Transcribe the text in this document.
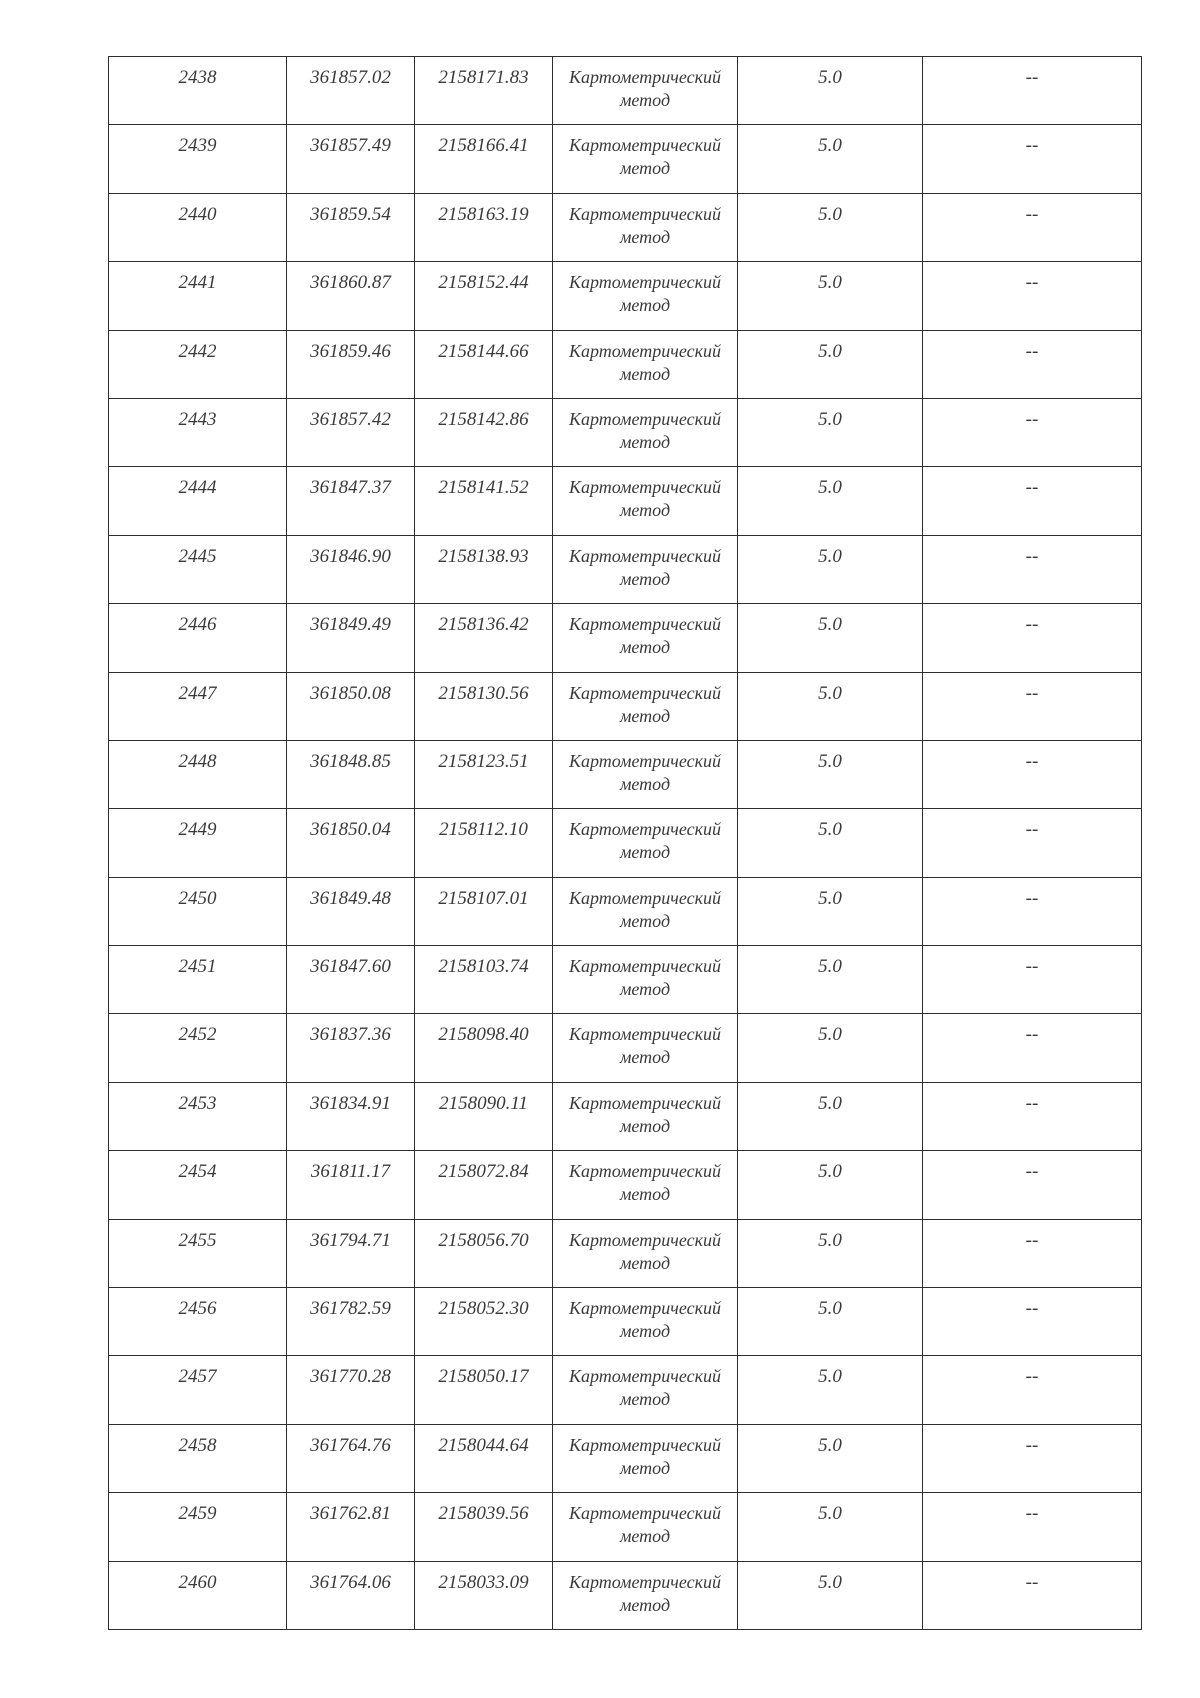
2438	361857.02	2158171.83	Картометрический
метод	5.0	--

2439	361857.49	2158166.41	Картометрический
метод	5.0	--

2440	361859.54	2158163.19	Картометрический
метод	5.0	--

2441	361860.87	2158152.44	Картометрический
метод	5.0	--

2442	361859.46	2158144.66	Картометрический
метод	5.0	--

2443	361857.42	2158142.86	Картометрический
метод	5.0	--

2444	361847.37	2158141.52	Картометрический
метод	5.0	--

2445	361846.90	2158138.93	Картометрический
метод	5.0	--

2446	361849.49	2158136.42	Картометрический
метод	5.0	--

2447	361850.08	2158130.56	Картометрический
метод	5.0	--

2448	361848.85	2158123.51	Картометрический
метод	5.0	--

2449	361850.04	2158112.10	Картометрический
метод	5.0	--

2450	361849.48	2158107.01	Картометрический
метод	5.0	--

2451	361847.60	2158103.74	Картометрический
метод	5.0	--

2452	361837.36	2158098.40	Картометрический
метод	5.0	--

2453	361834.91	2158090.11	Картометрический
метод	5.0	--

2454	361811.17	2158072.84	Картометрический
метод	5.0	--

2455	361794.71	2158056.70	Картометрический
метод	5.0	--

2456	361782.59	2158052.30	Картометрический
метод	5.0	--

2457	361770.28	2158050.17	Картометрический
метод	5.0	--

2458	361764.76	2158044.64	Картометрический
метод	5.0	--

2459	361762.81	2158039.56	Картометрический
метод	5.0	--

2460	361764.06	2158033.09	Картометрический
метод	5.0	--
